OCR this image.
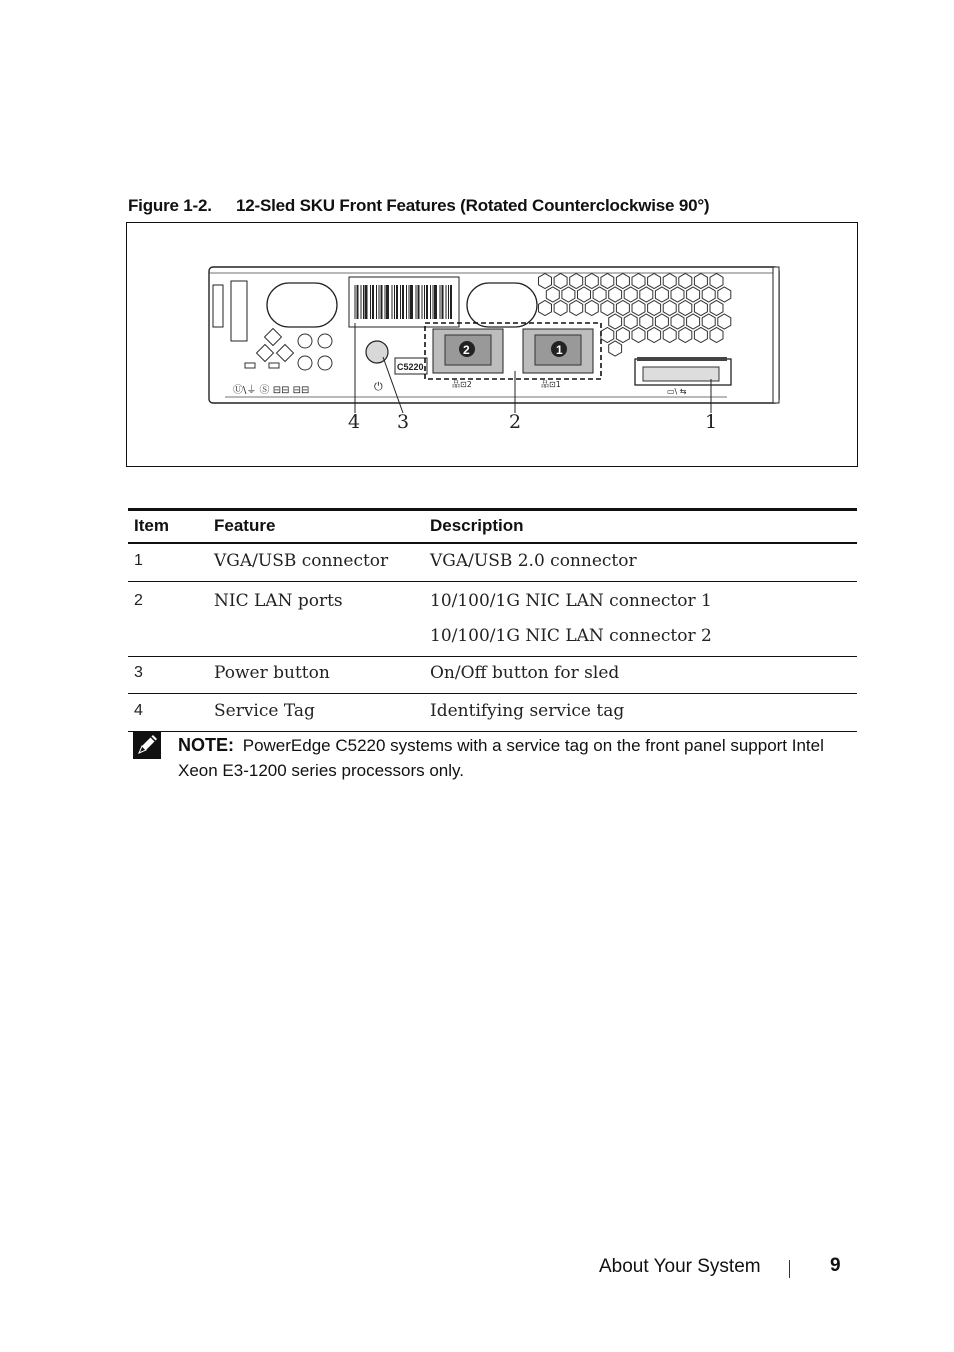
Figure 1-2. 12-Sled SKU Front Features (Rotated Counterclockwise 90°)
⏻
C5220
2	1
品⊡2	品⊡1
▭\ ⇆
Ⓤ\⏚ Ⓢ ⊟⊟ ⊟⊟
4 3	2	1
Item	Feature	Description
1	VGA/USB connector	VGA/USB 2.0 connector
2	NIC LAN ports	10/100/1G NIC LAN connector 1
		10/100/1G NIC LAN connector 2
3	Power button	On/Off button for sled
4	Service Tag	Identifying service tag
NOTE: PowerEdge C5220 systems with a service tag on the front panel support Intel Xeon E3-1200 series processors only.
About Your System	9
